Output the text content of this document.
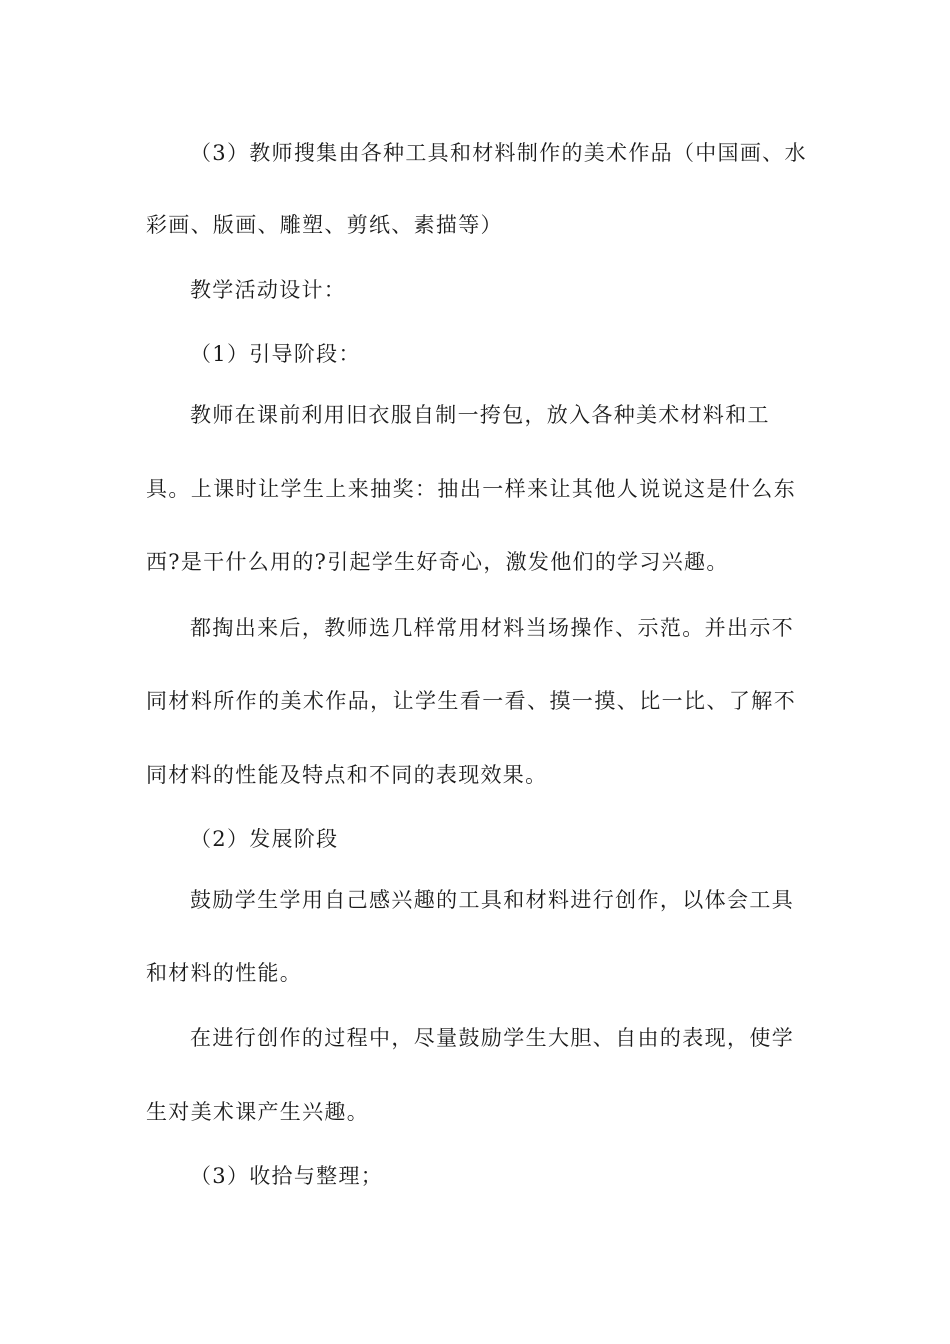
（3）教师搜集由各种工具和材料制作的美术作品（中国画、水
彩画、版画、雕塑、剪纸、素描等）
教学活动设计：
（1）引导阶段：
教师在课前利用旧衣服自制一挎包，放入各种美术材料和工
具。上课时让学生上来抽奖：抽出一样来让其他人说说这是什么东
西?是干什么用的?引起学生好奇心，激发他们的学习兴趣。
都掏出来后，教师选几样常用材料当场操作、示范。并出示不
同材料所作的美术作品，让学生看一看、摸一摸、比一比、了解不
同材料的性能及特点和不同的表现效果。
（2）发展阶段
鼓励学生学用自己感兴趣的工具和材料进行创作，以体会工具
和材料的性能。
在进行创作的过程中，尽量鼓励学生大胆、自由的表现，使学
生对美术课产生兴趣。
（3）收拾与整理；
